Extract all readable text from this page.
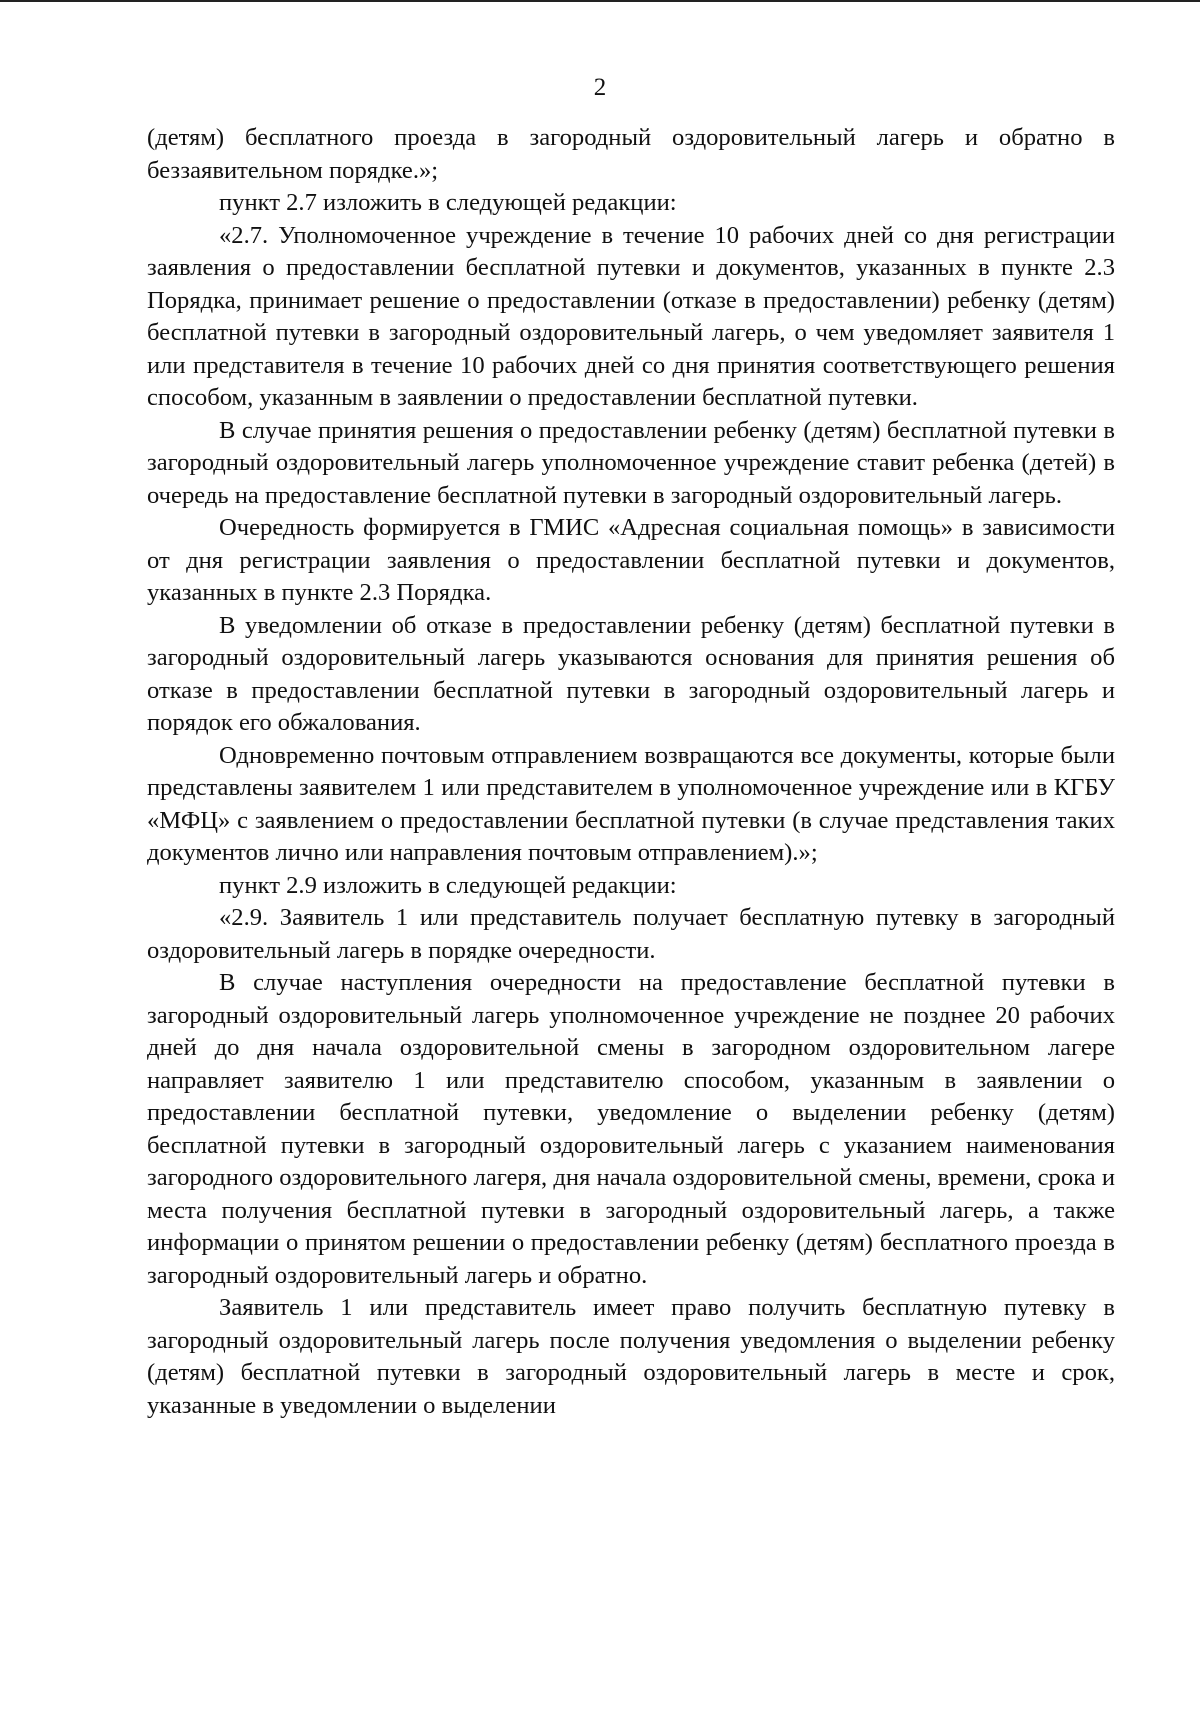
2

(детям) бесплатного проезда в загородный оздоровительный лагерь и обратно в беззаявительном порядке.»;

пункт 2.7 изложить в следующей редакции:

«2.7. Уполномоченное учреждение в течение 10 рабочих дней со дня регистрации заявления о предоставлении бесплатной путевки и документов, указанных в пункте 2.3 Порядка, принимает решение о предоставлении (отказе в предоставлении) ребенку (детям) бесплатной путевки в загородный оздоровительный лагерь, о чем уведомляет заявителя 1 или представителя в течение 10 рабочих дней со дня принятия соответствующего решения способом, указанным в заявлении о предоставлении бесплатной путевки.

В случае принятия решения о предоставлении ребенку (детям) бесплатной путевки в загородный оздоровительный лагерь уполномоченное учреждение ставит ребенка (детей) в очередь на предоставление бесплатной путевки в загородный оздоровительный лагерь.

Очередность формируется в ГМИС «Адресная социальная помощь» в зависимости от дня регистрации заявления о предоставлении бесплатной путевки и документов, указанных в пункте 2.3 Порядка.

В уведомлении об отказе в предоставлении ребенку (детям) бесплатной путевки в загородный оздоровительный лагерь указываются основания для принятия решения об отказе в предоставлении бесплатной путевки в загородный оздоровительный лагерь и порядок его обжалования.

Одновременно почтовым отправлением возвращаются все документы, которые были представлены заявителем 1 или представителем в уполномоченное учреждение или в КГБУ «МФЦ» с заявлением о предоставлении бесплатной путевки (в случае представления таких документов лично или направления почтовым отправлением).»;

пункт 2.9 изложить в следующей редакции:

«2.9. Заявитель 1 или представитель получает бесплатную путевку в загородный оздоровительный лагерь в порядке очередности.

В случае наступления очередности на предоставление бесплатной путевки в загородный оздоровительный лагерь уполномоченное учреждение не позднее 20 рабочих дней до дня начала оздоровительной смены в загородном оздоровительном лагере направляет заявителю 1 или представителю способом, указанным в заявлении о предоставлении бесплатной путевки, уведомление о выделении ребенку (детям) бесплатной путевки в загородный оздоровительный лагерь с указанием наименования загородного оздоровительного лагеря, дня начала оздоровительной смены, времени, срока и места получения бесплатной путевки в загородный оздоровительный лагерь, а также информации о принятом решении о предоставлении ребенку (детям) бесплатного проезда в загородный оздоровительный лагерь и обратно.

Заявитель 1 или представитель имеет право получить бесплатную путевку в загородный оздоровительный лагерь после получения уведомления о выделении ребенку (детям) бесплатной путевки в загородный оздоровительный лагерь в месте и срок, указанные в уведомлении о выделении
